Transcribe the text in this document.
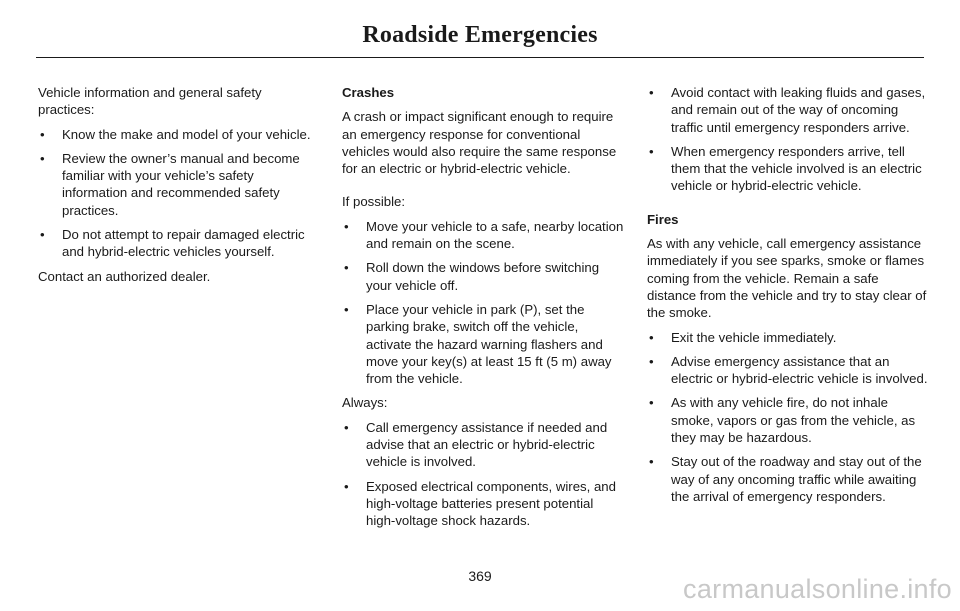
Roadside Emergencies

Vehicle information and general safety practices:

• Know the make and model of your vehicle.
• Review the owner’s manual and become familiar with your vehicle’s safety information and recommended safety practices.
• Do not attempt to repair damaged electric and hybrid-electric vehicles yourself.

Contact an authorized dealer.

Crashes

A crash or impact significant enough to require an emergency response for conventional vehicles would also require the same response for an electric or hybrid-electric vehicle.

If possible:

• Move your vehicle to a safe, nearby location and remain on the scene.
• Roll down the windows before switching your vehicle off.
• Place your vehicle in park (P), set the parking brake, switch off the vehicle, activate the hazard warning flashers and move your key(s) at least 15 ft (5 m) away from the vehicle.

Always:

• Call emergency assistance if needed and advise that an electric or hybrid-electric vehicle is involved.
• Exposed electrical components, wires, and high-voltage batteries present potential high-voltage shock hazards.
• Avoid contact with leaking fluids and gases, and remain out of the way of oncoming traffic until emergency responders arrive.
• When emergency responders arrive, tell them that the vehicle involved is an electric vehicle or hybrid-electric vehicle.

Fires

As with any vehicle, call emergency assistance immediately if you see sparks, smoke or flames coming from the vehicle. Remain a safe distance from the vehicle and try to stay clear of the smoke.

• Exit the vehicle immediately.
• Advise emergency assistance that an electric or hybrid-electric vehicle is involved.
• As with any vehicle fire, do not inhale smoke, vapors or gas from the vehicle, as they may be hazardous.
• Stay out of the roadway and stay out of the way of any oncoming traffic while awaiting the arrival of emergency responders.
369	carmanualsonline.info
